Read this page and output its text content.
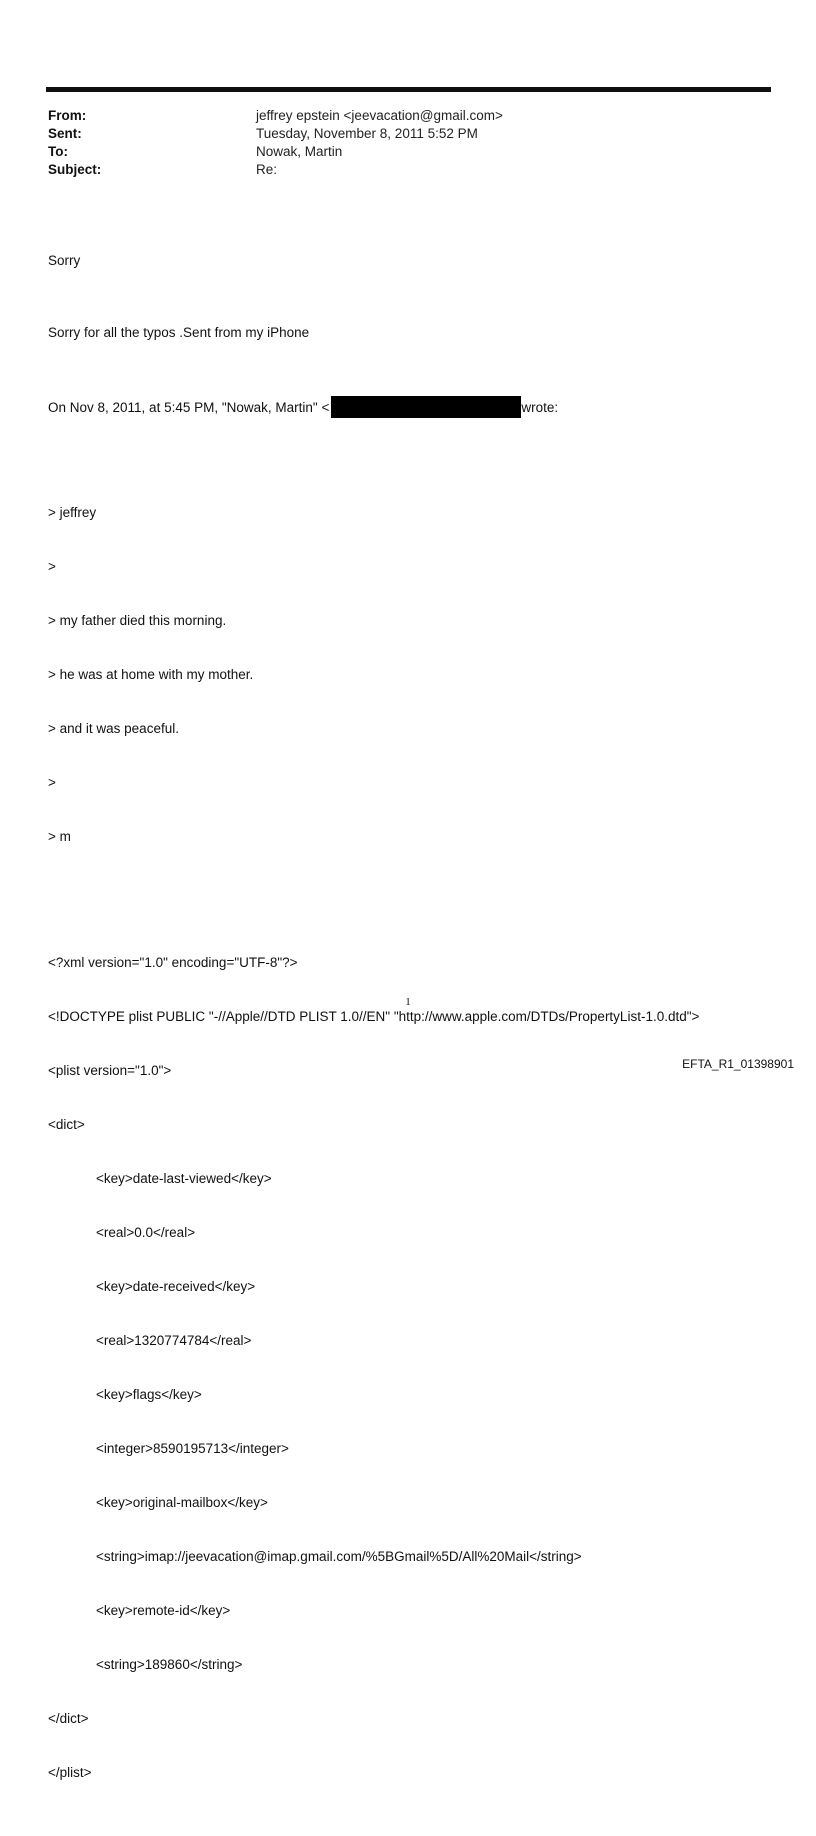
From:	jeffrey epstein <jeevacation@gmail.com>
Sent:	Tuesday, November 8, 2011 5:52 PM
To:	Nowak, Martin
Subject:	Re:

Sorry

Sorry for all the typos .Sent from my iPhone

On Nov 8, 2011, at 5:45 PM, "Nowak, Martin" <	wrote:

> jeffrey

>

> my father died this morning.

> he was at home with my mother.

> and it was peaceful.

>

> m

<?xml version="1.0" encoding="UTF-8"?>

<!DOCTYPE plist PUBLIC "-//Apple//DTD PLIST 1.0//EN" "http://www.apple.com/DTDs/PropertyList-1.0.dtd">

<plist version="1.0">

<dict>

<key>date-last-viewed</key>

<real>0.0</real>

<key>date-received</key>

<real>1320774784</real>

<key>flags</key>

<integer>8590195713</integer>

<key>original-mailbox</key>

<string>imap://jeevacation@imap.gmail.com/%5BGmail%5D/All%20Mail</string>

<key>remote-id</key>

<string>189860</string>

</dict>

</plist>

1
EFTA_R1_01398901
